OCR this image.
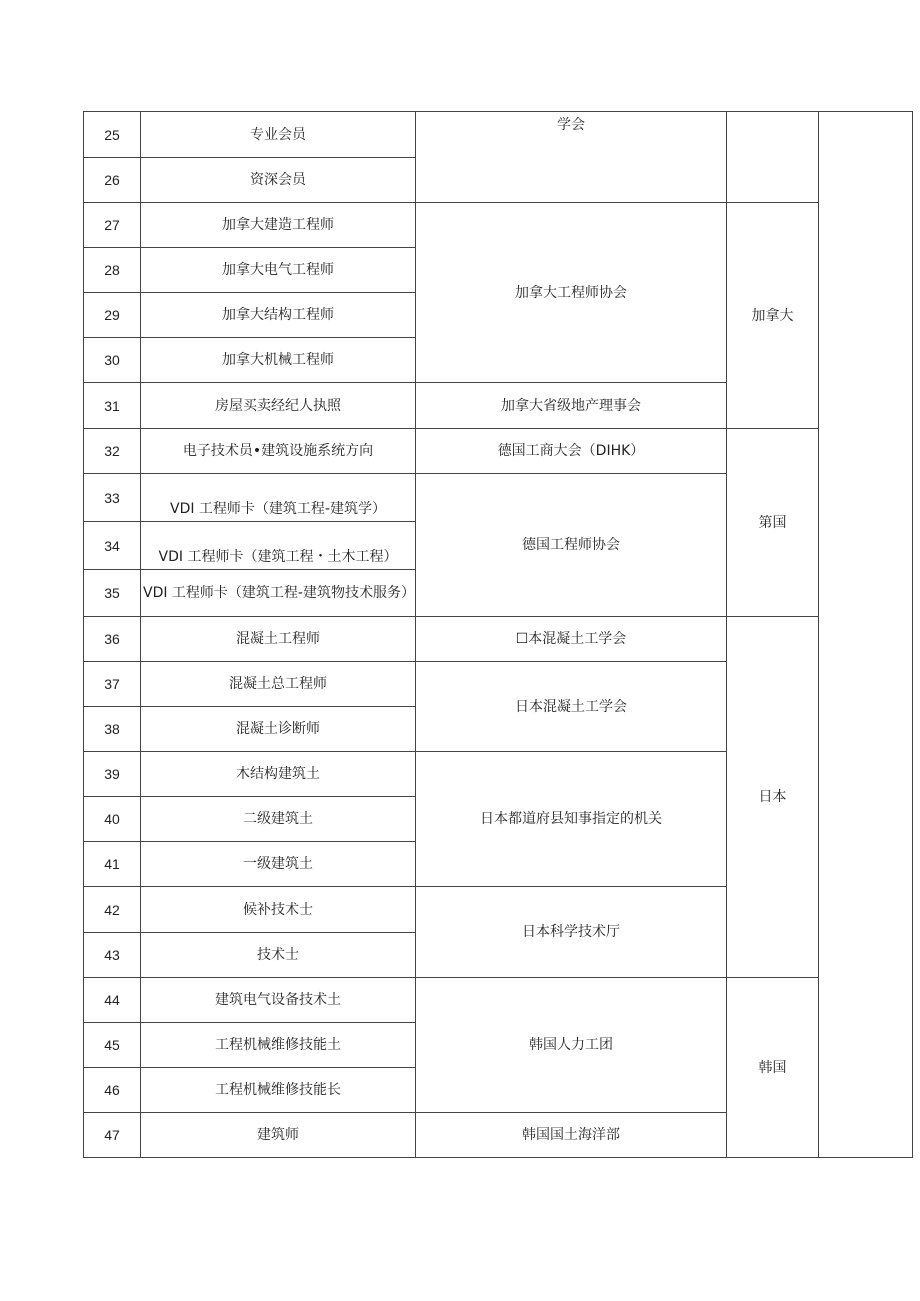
25	专业会员	学会		
26	资深会员			
27	加拿大建造工程师	加拿大工程师协会	加拿大	
28	加拿大电气工程师			
29	加拿大结构工程师			
30	加拿大机械工程师			
31	房屋买卖经纪人执照	加拿大省级地产理事会		
32	电子技术员•建筑设施系统方向	德国工商大会（DIHK）	第国	
33	VDI 工程师卡（建筑工程-建筑学）	德国工程师协会		
34	VDI 工程师卡（建筑工程・土木工程）			
35	VDI 工程师卡（建筑工程-建筑物技术服务）			
36	混凝土工程师	☐本混凝土工学会	日本	
37	混凝土总工程师	日本混凝土工学会		
38	混凝土诊断师			
39	木结构建筑土	日本都道府县知事指定的机关		
40	二级建筑土			
41	一级建筑土			
42	候补技术士	日本科学技术厅		
43	技术士			
44	建筑电气设备技术土	韩国人力工团	韩国	
45	工程机械维修技能土			
46	工程机械维修技能长			
47	建筑师	韩国国土海洋部		
